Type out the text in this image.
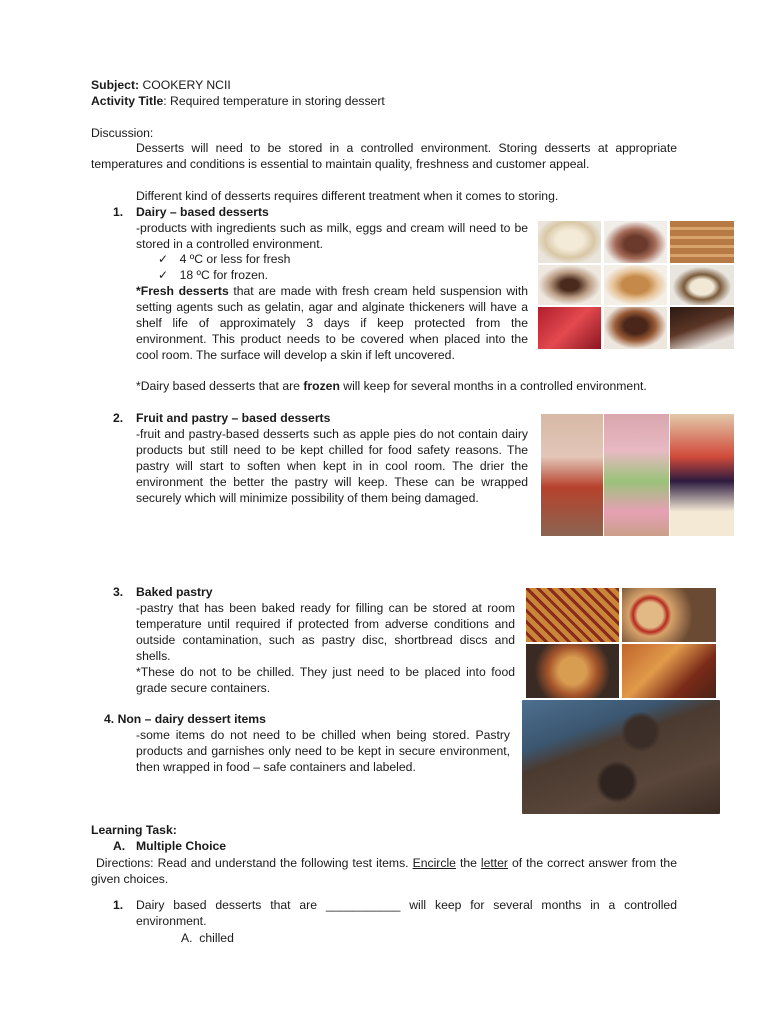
Subject: COOKERY NCII
Activity Title: Required temperature in storing dessert
Discussion:
Desserts will need to be stored in a controlled environment. Storing desserts at appropriate temperatures and conditions is essential to maintain quality, freshness and customer appeal.
Different kind of desserts requires different treatment when it comes to storing.
1. Dairy – based desserts
-products with ingredients such as milk, eggs and cream will need to be stored in a controlled environment.
✓ 4 ºC or less for fresh
✓ 18 ºC for frozen.
*Fresh desserts that are made with fresh cream held suspension with setting agents such as gelatin, agar and alginate thickeners will have a shelf life of approximately 3 days if keep protected from the environment. This product needs to be covered when placed into the cool room. The surface will develop a skin if left uncovered.
*Dairy based desserts that are frozen will keep for several months in a controlled environment.
2. Fruit and pastry – based desserts
-fruit and pastry-based desserts such as apple pies do not contain dairy products but still need to be kept chilled for food safety reasons. The pastry will start to soften when kept in in cool room. The drier the environment the better the pastry will keep. These can be wrapped securely which will minimize possibility of them being damaged.
3. Baked pastry
-pastry that has been baked ready for filling can be stored at room temperature until required if protected from adverse conditions and outside contamination, such as pastry disc, shortbread discs and shells.
*These do not to be chilled. They just need to be placed into food grade secure containers.
4. Non – dairy dessert items
-some items do not need to be chilled when being stored. Pastry products and garnishes only need to be kept in secure environment, then wrapped in food – safe containers and labeled.
Learning Task:
A. Multiple Choice
Directions: Read and understand the following test items. Encircle the letter of the correct answer from the given choices.
1. Dairy based desserts that are ___________ will keep for several months in a controlled environment.
A. chilled
